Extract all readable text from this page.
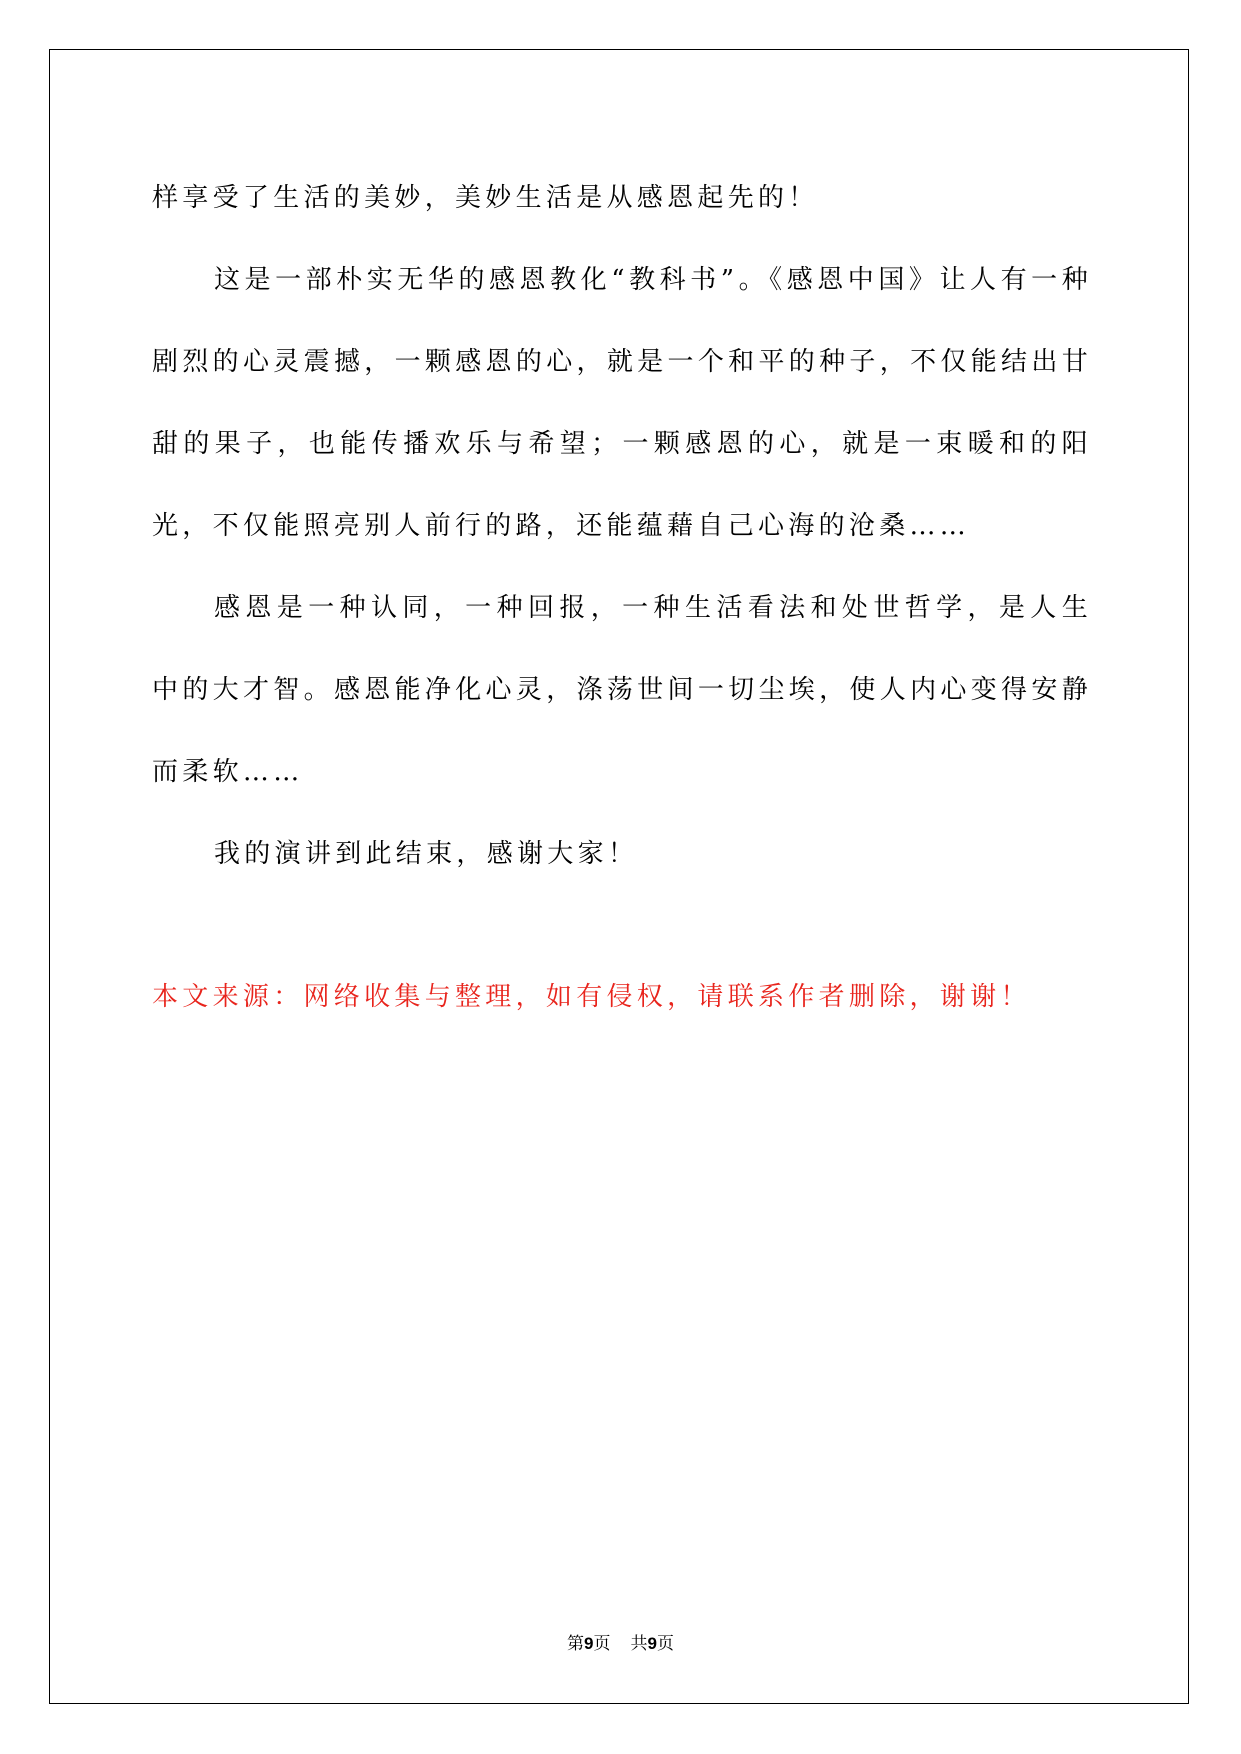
样享受了生活的美妙，美妙生活是从感恩起先的！

这是一部朴实无华的感恩教化“教科书”。《感恩中国》让人有一种剧烈的心灵震撼，一颗感恩的心，就是一个和平的种子，不仅能结出甘甜的果子，也能传播欢乐与希望；一颗感恩的心，就是一束暖和的阳光，不仅能照亮别人前行的路，还能蕴藉自己心海的沧桑……

感恩是一种认同，一种回报，一种生活看法和处世哲学，是人生中的大才智。感恩能净化心灵，涤荡世间一切尘埃，使人内心变得安静而柔软……

我的演讲到此结束，感谢大家！

本文来源：网络收集与整理，如有侵权，请联系作者删除，谢谢！
第9页 共9页
